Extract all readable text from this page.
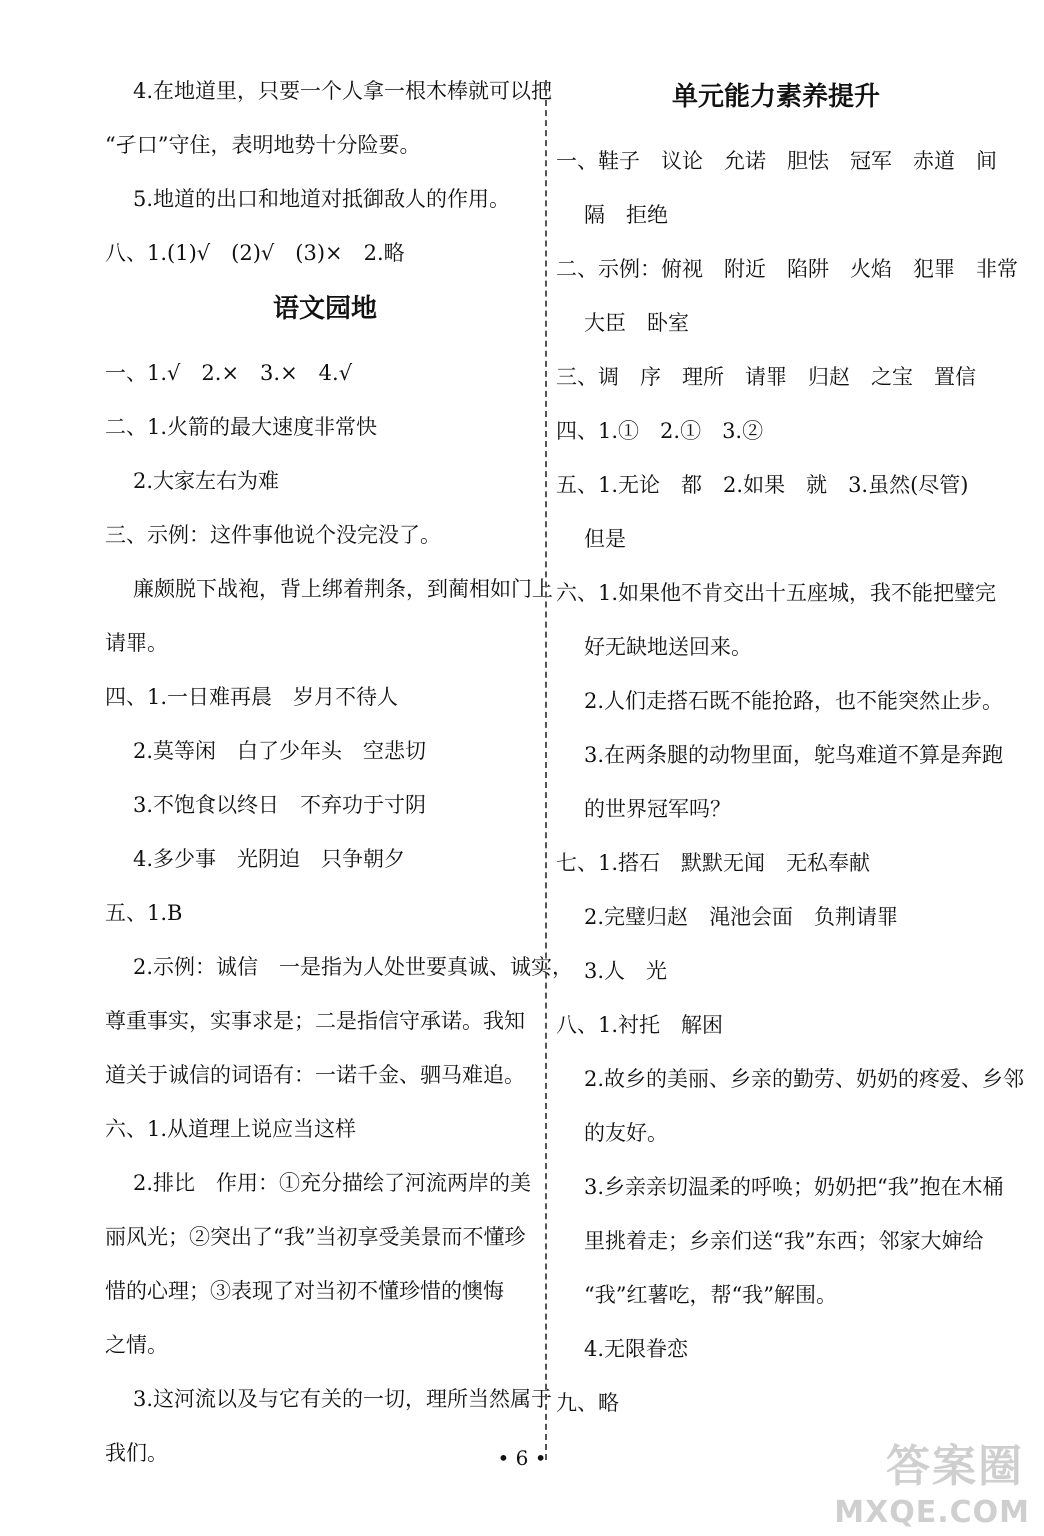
4.在地道里，只要一个人拿一根木棒就可以把
“孑口”守住，表明地势十分险要。
5.地道的出口和地道对抵御敌人的作用。
八、1.(1)√　(2)√　(3)×　2.略
语文园地
一、1.√　2.×　3.×　4.√
二、1.火箭的最大速度非常快
2.大家左右为难
三、示例：这件事他说个没完没了。
廉颇脱下战袍，背上绑着荆条，到蔺相如门上
请罪。
四、1.一日难再晨　岁月不待人
2.莫等闲　白了少年头　空悲切
3.不饱食以终日　不弃功于寸阴
4.多少事　光阴迫　只争朝夕
五、1.B
2.示例：诚信　一是指为人处世要真诚、诚实，
尊重事实，实事求是；二是指信守承诺。我知
道关于诚信的词语有：一诺千金、驷马难追。
六、1.从道理上说应当这样
2.排比　作用：①充分描绘了河流两岸的美
丽风光；②突出了“我”当初享受美景而不懂珍
惜的心理；③表现了对当初不懂珍惜的懊悔
之情。
3.这河流以及与它有关的一切，理所当然属于
我们。
单元能力素养提升
一、鞋子　议论　允诺　胆怯　冠军　赤道　间
隔　拒绝
二、示例：俯视　附近　陷阱　火焰　犯罪　非常
大臣　卧室
三、调　序　理所　请罪　归赵　之宝　置信
四、1.①　2.①　3.②
五、1.无论　都　2.如果　就　3.虽然(尽管)
但是
六、1.如果他不肯交出十五座城，我不能把璧完
好无缺地送回来。
2.人们走搭石既不能抢路，也不能突然止步。
3.在两条腿的动物里面，鸵鸟难道不算是奔跑
的世界冠军吗？
七、1.搭石　默默无闻　无私奉献
2.完璧归赵　渑池会面　负荆请罪
3.人　光
八、1.衬托　解困
2.故乡的美丽、乡亲的勤劳、奶奶的疼爱、乡邻
的友好。
3.乡亲亲切温柔的呼唤；奶奶把“我”抱在木桶
里挑着走；乡亲们送“我”东西；邻家大婶给
“我”红薯吃，帮“我”解围。
4.无限眷恋
九、略
• 6 •	答案圈
MXQE.COM
